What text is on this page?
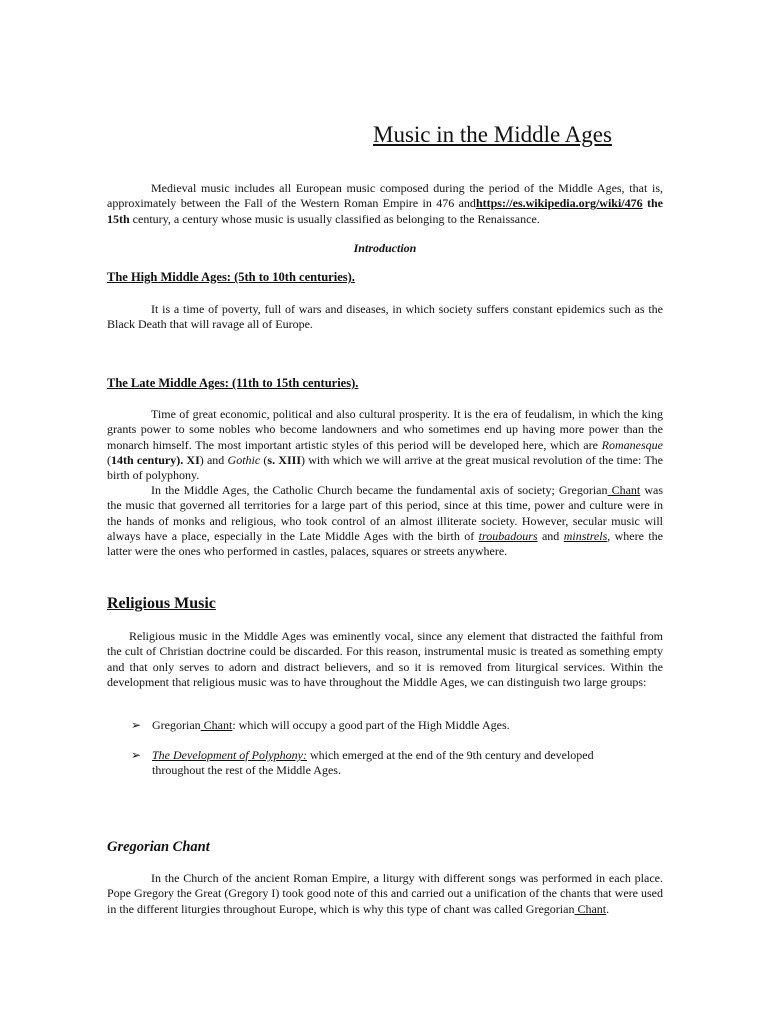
Music in the Middle Ages

Medieval music includes all European music composed during the period of the Middle Ages, that is, approximately between the Fall of the Western Roman Empire in 476 andhttps://es.wikipedia.org/wiki/476 the 15th century, a century whose music is usually classified as belonging to the Renaissance.

Introduction
The High Middle Ages: (5th to 10th centuries).

It is a time of poverty, full of wars and diseases, in which society suffers constant epidemics such as the Black Death that will ravage all of Europe.

The Late Middle Ages: (11th to 15th centuries).

Time of great economic, political and also cultural prosperity. It is the era of feudalism, in which the king grants power to some nobles who become landowners and who sometimes end up having more power than the monarch himself. The most important artistic styles of this period will be developed here, which are Romanesque (14th century). XI) and Gothic (s. XIII) with which we will arrive at the great musical revolution of the time: The birth of polyphony.

In the Middle Ages, the Catholic Church became the fundamental axis of society; Gregorian Chant was the music that governed all territories for a large part of this period, since at this time, power and culture were in the hands of monks and religious, who took control of an almost illiterate society. However, secular music will always have a place, especially in the Late Middle Ages with the birth of troubadours and minstrels, where the latter were the ones who performed in castles, palaces, squares or streets anywhere.

Religious Music

Religious music in the Middle Ages was eminently vocal, since any element that distracted the faithful from the cult of Christian doctrine could be discarded. For this reason, instrumental music is treated as something empty and that only serves to adorn and distract believers, and so it is removed from liturgical services. Within the development that religious music was to have throughout the Middle Ages, we can distinguish two large groups:

➢ Gregorian Chant: which will occupy a good part of the High Middle Ages.
➢ The Development of Polyphony: which emerged at the end of the 9th century and developed throughout the rest of the Middle Ages.
Gregorian Chant

In the Church of the ancient Roman Empire, a liturgy with different songs was performed in each place. Pope Gregory the Great (Gregory I) took good note of this and carried out a unification of the chants that were used in the different liturgies throughout Europe, which is why this type of chant was called Gregorian Chant.
